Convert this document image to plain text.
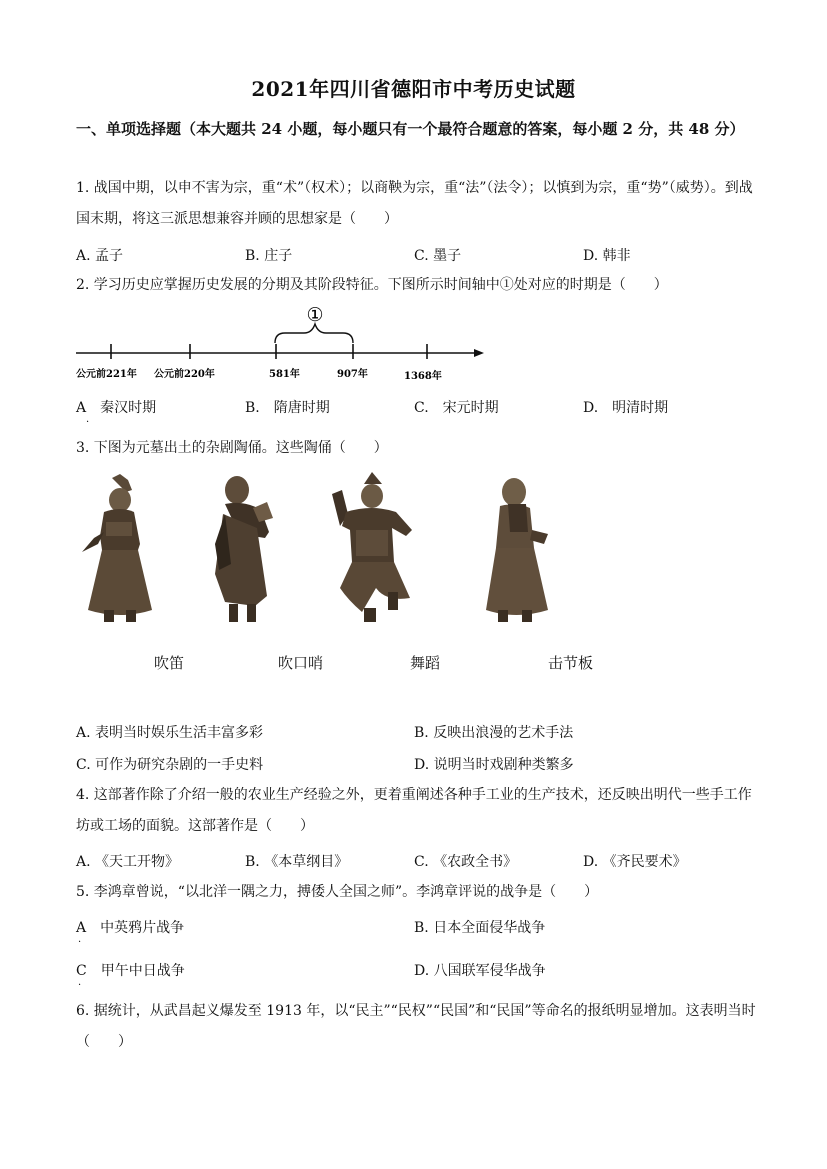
2021年四川省德阳市中考历史试题
一、单项选择题（本大题共 24 小题，每小题只有一个最符合题意的答案，每小题 2 分，共 48 分）
1. 战国中期，以申不害为宗，重“术”（权术）；以商鞅为宗，重“法”（法令）；以慎到为宗，重“势”（威势）。到战国末期，将这三派思想兼容并顾的思想家是（　　）
A. 孟子	B. 庄子	C. 墨子	D. 韩非
2. 学习历史应掌握历史发展的分期及其阶段特征。下图所示时间轴中①处对应的时期是（　　）
①
公元前221年 公元前220年	581年	907年	1368年
A　秦汉时期
·
B.　隋唐时期	C.　宋元时期	D.　明清时期
3. 下图为元墓出土的杂剧陶俑。这些陶俑（　　）
吹笛	吹口哨	舞蹈	击节板
A. 表明当时娱乐生活丰富多彩	B. 反映出浪漫的艺术手法
C. 可作为研究杂剧的一手史料	D. 说明当时戏剧种类繁多
4. 这部著作除了介绍一般的农业生产经验之外，更着重阐述各种手工业的生产技术，还反映出明代一些手工作坊或工场的面貌。这部著作是（　　）
A. 《天工开物》	B. 《本草纲目》	C. 《农政全书》	D. 《齐民要术》
5. 李鸿章曾说，“以北洋一隅之力，搏倭人全国之师”。李鸿章评说的战争是（　　）
A　中英鸦片战争
·
B. 日本全面侵华战争
C　甲午中日战争
·
D. 八国联军侵华战争
6. 据统计，从武昌起义爆发至 1913 年，以“民主”“民权”“民国”和“民国”等命名的报纸明显增加。这表明当时（　　）
